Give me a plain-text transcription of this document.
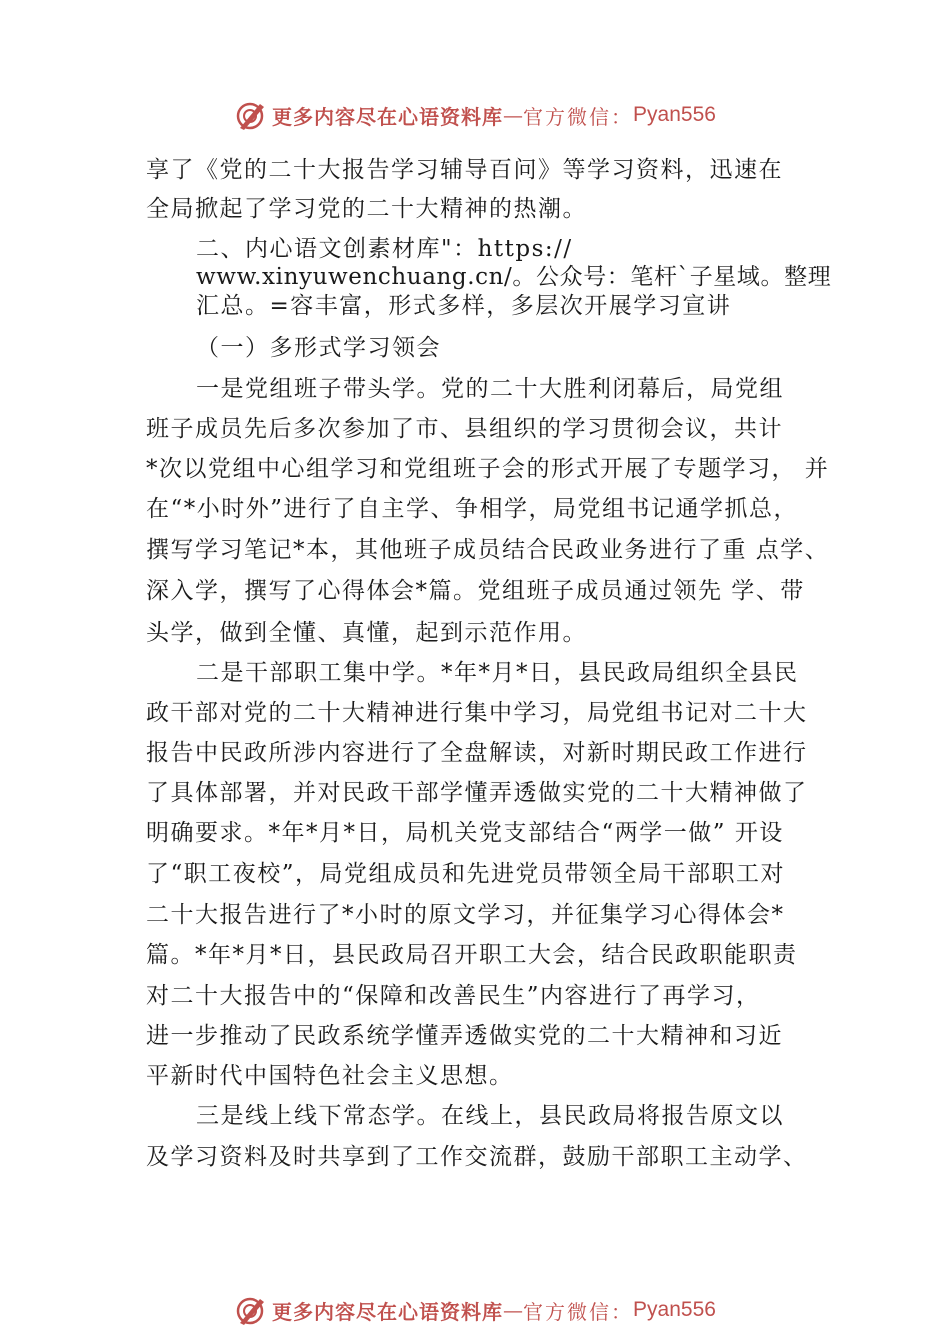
更多内容尽在心语资料库 — 官方微信： Pyan556
享了《党的二十大报告学习辅导百问》等学习资料，迅速在
全局掀起了学习党的二十大精神的热潮。
二、内心语文创素材库"：https://
www.xinyuwenchuang.cn/。公众号：笔杆`子星域。整理
汇总。=容丰富，形式多样，多层次开展学习宣讲
（一）多形式学习领会
一是党组班子带头学。党的二十大胜利闭幕后，局党组
班子成员先后多次参加了市、县组织的学习贯彻会议，共计
*次以党组中心组学习和党组班子会的形式开展了专题学习， 并
在“*小时外”进行了自主学、争相学，局党组书记通学抓总，
撰写学习笔记*本，其他班子成员结合民政业务进行了重 点学、
深入学，撰写了心得体会*篇。党组班子成员通过领先 学、带
头学，做到全懂、真懂，起到示范作用。
二是干部职工集中学。*年*月*日，县民政局组织全县民
政干部对党的二十大精神进行集中学习，局党组书记对二十大
报告中民政所涉内容进行了全盘解读，对新时期民政工作进行
了具体部署，并对民政干部学懂弄透做实党的二十大精神做了
明确要求。*年*月*日，局机关党支部结合“两学一做” 开设
了“职工夜校”，局党组成员和先进党员带领全局干部职工对
二十大报告进行了*小时的原文学习，并征集学习心得体会*
篇。*年*月*日，县民政局召开职工大会，结合民政职能职责
对二十大报告中的“保障和改善民生”内容进行了再学习，
进一步推动了民政系统学懂弄透做实党的二十大精神和习近
平新时代中国特色社会主义思想。
三是线上线下常态学。在线上，县民政局将报告原文以
及学习资料及时共享到了工作交流群，鼓励干部职工主动学、
更多内容尽在心语资料库 — 官方微信： Pyan556
